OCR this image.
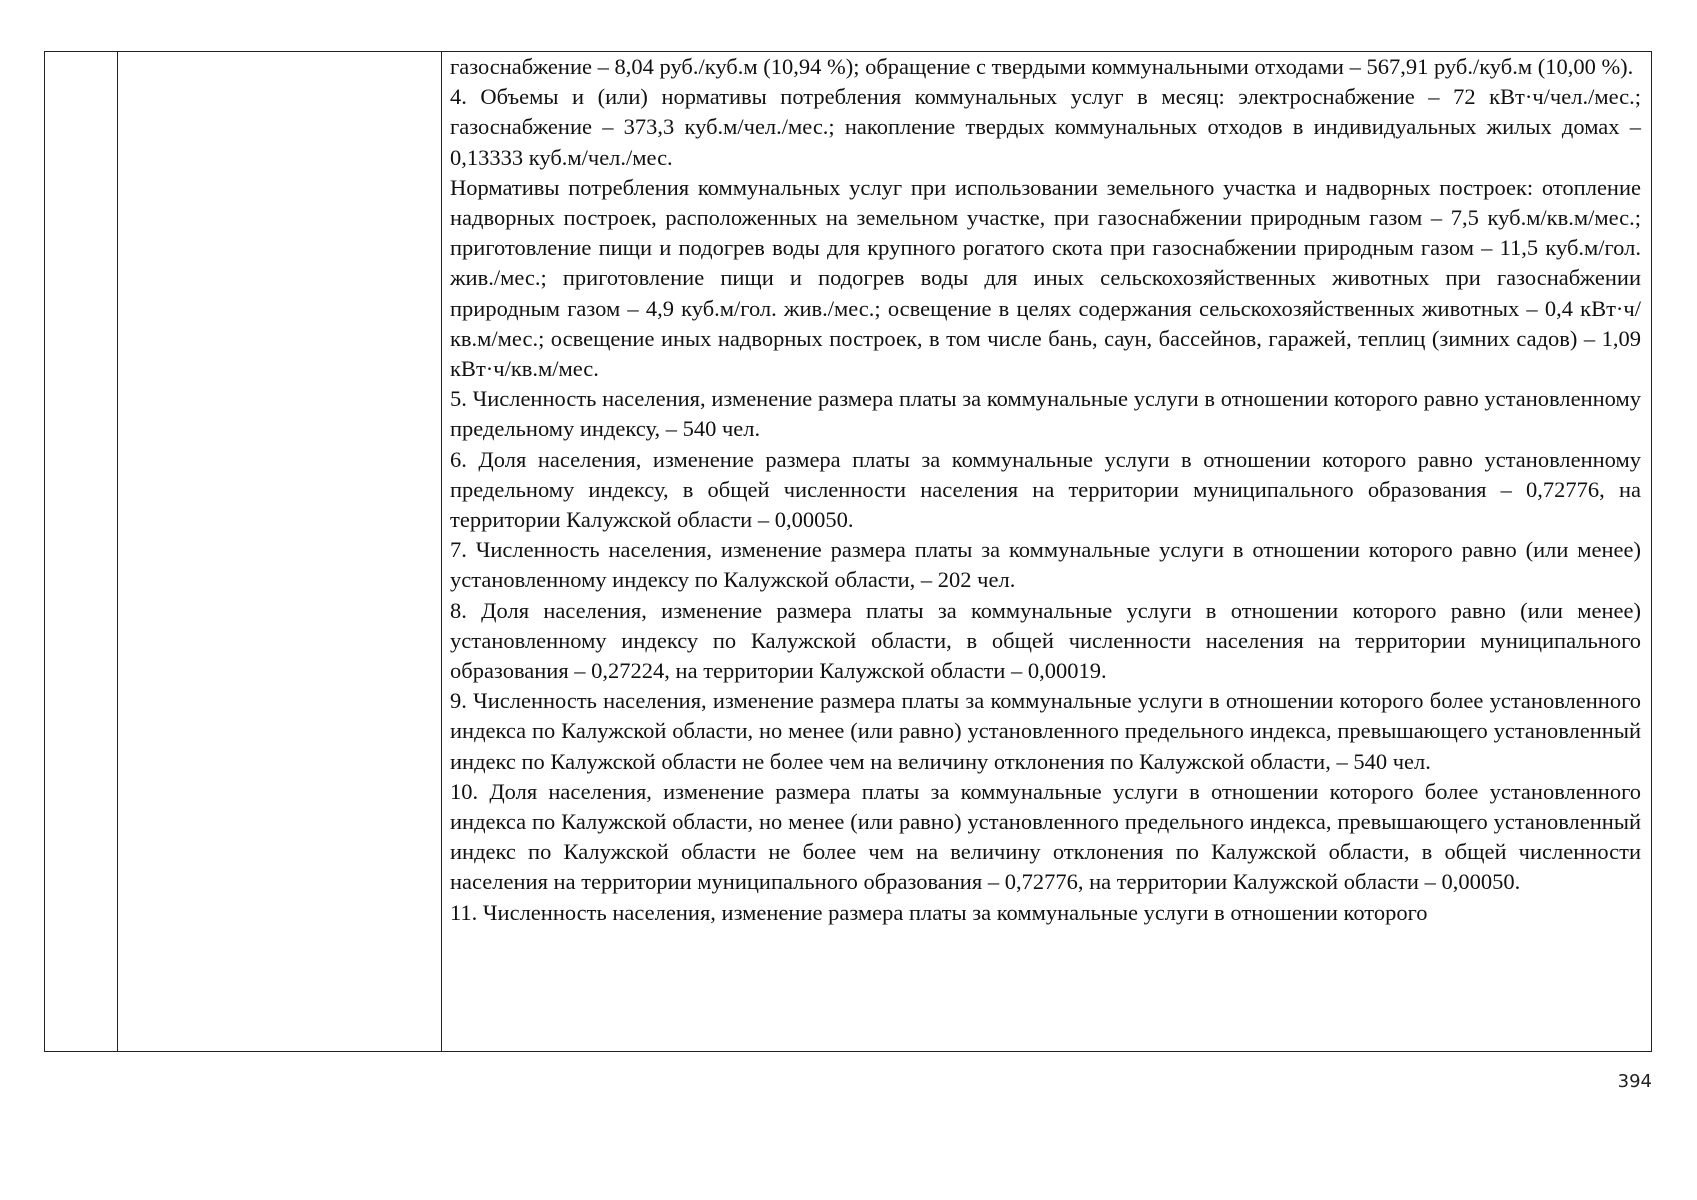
газоснабжение – 8,04 руб./куб.м (10,94 %); обращение с твердыми коммунальными отходами – 567,91 руб./куб.м (10,00 %).

4. Объемы и (или) нормативы потребления коммунальных услуг в месяц: электроснабжение – 72 кВт·ч/чел./мес.; газоснабжение – 373,3 куб.м/чел./мес.; накопление твердых коммунальных отходов в индивидуальных жилых домах – 0,13333 куб.м/чел./мес.

Нормативы потребления коммунальных услуг при использовании земельного участка и надворных построек: отопление надворных построек, расположенных на земельном участке, при газоснабжении природным газом – 7,5 куб.м/кв.м/мес.; приготовление пищи и подогрев воды для крупного рогатого скота при газоснабжении природным газом – 11,5 куб.м/гол. жив./мес.; приготовление пищи и подогрев воды для иных сельскохозяйственных животных при газоснабжении природным газом – 4,9 куб.м/гол. жив./мес.; освещение в целях содержания сельскохозяйственных животных – 0,4 кВт·ч/кв.м/мес.; освещение иных надворных построек, в том числе бань, саун, бассейнов, гаражей, теплиц (зимних садов) – 1,09 кВт·ч/кв.м/мес.

5. Численность населения, изменение размера платы за коммунальные услуги в отношении которого равно установленному предельному индексу, – 540 чел.

6. Доля населения, изменение размера платы за коммунальные услуги в отношении которого равно установленному предельному индексу, в общей численности населения на территории муниципального образования – 0,72776, на территории Калужской области – 0,00050.

7. Численность населения, изменение размера платы за коммунальные услуги в отношении которого равно (или менее) установленному индексу по Калужской области, – 202 чел.

8. Доля населения, изменение размера платы за коммунальные услуги в отношении которого равно (или менее) установленному индексу по Калужской области, в общей численности населения на территории муниципального образования – 0,27224, на территории Калужской области – 0,00019.

9. Численность населения, изменение размера платы за коммунальные услуги в отношении которого более установленного индекса по Калужской области, но менее (или равно) установленного предельного индекса, превышающего установленный индекс по Калужской области не более чем на величину отклонения по Калужской области, – 540 чел.

10. Доля населения, изменение размера платы за коммунальные услуги в отношении которого более установленного индекса по Калужской области, но менее (или равно) установленного предельного индекса, превышающего установленный индекс по Калужской области не более чем на величину отклонения по Калужской области, в общей численности населения на территории муниципального образования – 0,72776, на территории Калужской области – 0,00050.

11. Численность населения, изменение размера платы за коммунальные услуги в отношении которого

394
